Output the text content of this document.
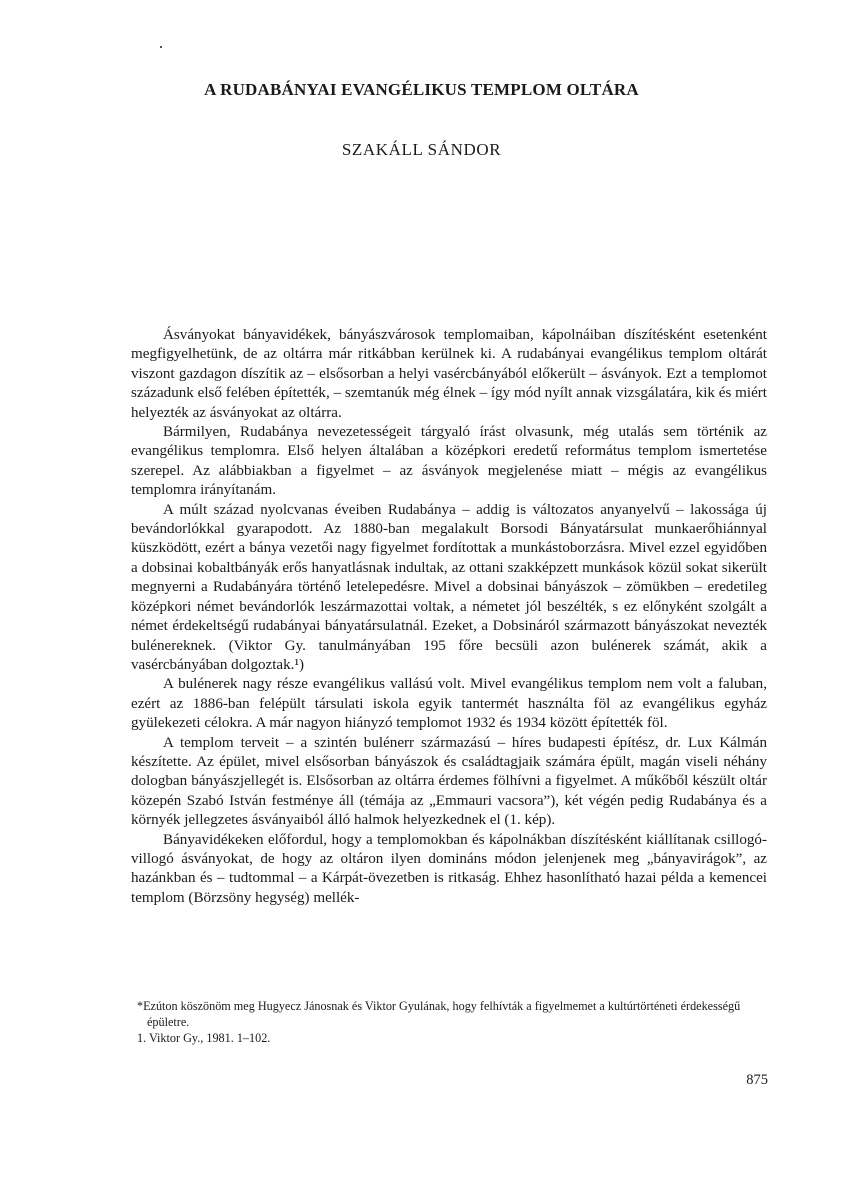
A RUDABÁNYAI EVANGÉLIKUS TEMPLOM OLTÁRA
SZAKÁLL SÁNDOR

Ásványokat bányavidékek, bányászvárosok templomaiban, kápolnáiban díszítésként esetenként megfigyelhetünk, de az oltárra már ritkábban kerülnek ki. A rudabányai evangélikus templom oltárát viszont gazdagon díszítik az – elsősorban a helyi vasércbányából előkerült – ásványok. Ezt a templomot századunk első felében építették, – szemtanúk még élnek – így mód nyílt annak vizsgálatára, kik és miért helyezték az ásványokat az oltárra.

Bármilyen, Rudabánya nevezetességeit tárgyaló írást olvasunk, még utalás sem történik az evangélikus templomra. Első helyen általában a középkori eredetű református templom ismertetése szerepel. Az alábbiakban a figyelmet – az ásványok megjelenése miatt – mégis az evangélikus templomra irányítanám.

A múlt század nyolcvanas éveiben Rudabánya – addig is változatos anyanyelvű – lakossága új bevándorlókkal gyarapodott. Az 1880-ban megalakult Borsodi Bányatársulat munkaerőhiánnyal küszködött, ezért a bánya vezetői nagy figyelmet fordítottak a munkástoborzásra. Mivel ezzel egyidőben a dobsinai kobaltbányák erős hanyatlásnak indultak, az ottani szakképzett munkások közül sokat sikerült megnyerni a Rudabányára történő letelepedésre. Mivel a dobsinai bányászok – zömükben – eredetileg középkori német bevándorlók leszármazottai voltak, a németet jól beszélték, s ez előnyként szolgált a német érdekeltségű rudabányai bányatársulatnál. Ezeket, a Dobsináról származott bányászokat nevezték bulénereknek. (Viktor Gy. tanulmányában 195 főre becsüli azon bulénerek számát, akik a vasércbányában dolgoztak.¹)

A bulénerek nagy része evangélikus vallású volt. Mivel evangélikus templom nem volt a faluban, ezért az 1886-ban felépült társulati iskola egyik tantermét használta föl az evangélikus egyház gyülekezeti célokra. A már nagyon hiányzó templomot 1932 és 1934 között építették föl.

A templom terveit – a szintén bulénerr származású – híres budapesti építész, dr. Lux Kálmán készítette. Az épület, mivel elsősorban bányászok és családtagjaik számára épült, magán viseli néhány dologban bányászjellegét is. Elsősorban az oltárra érdemes fölhívni a figyelmet. A műkőből készült oltár közepén Szabó István festménye áll (témája az „Emmauri vacsora”), két végén pedig Rudabánya és a környék jellegzetes ásványaiból álló halmok helyezkednek el (1. kép).

Bányavidékeken előfordul, hogy a templomokban és kápolnákban díszítésként kiállítanak csillogó-villogó ásványokat, de hogy az oltáron ilyen domináns módon jelenjenek meg „bányavirágok”, az hazánkban és – tudtommal – a Kárpát-övezetben is ritkaság. Ehhez hasonlítható hazai példa a kemencei templom (Börzsöny hegység) mellék-

*Ezúton köszönöm meg Hugyecz Jánosnak és Viktor Gyulának, hogy felhívták a figyelmemet a kultúrtörténeti érdekességű épületre.

1. Viktor Gy., 1981. 1–102.

875
